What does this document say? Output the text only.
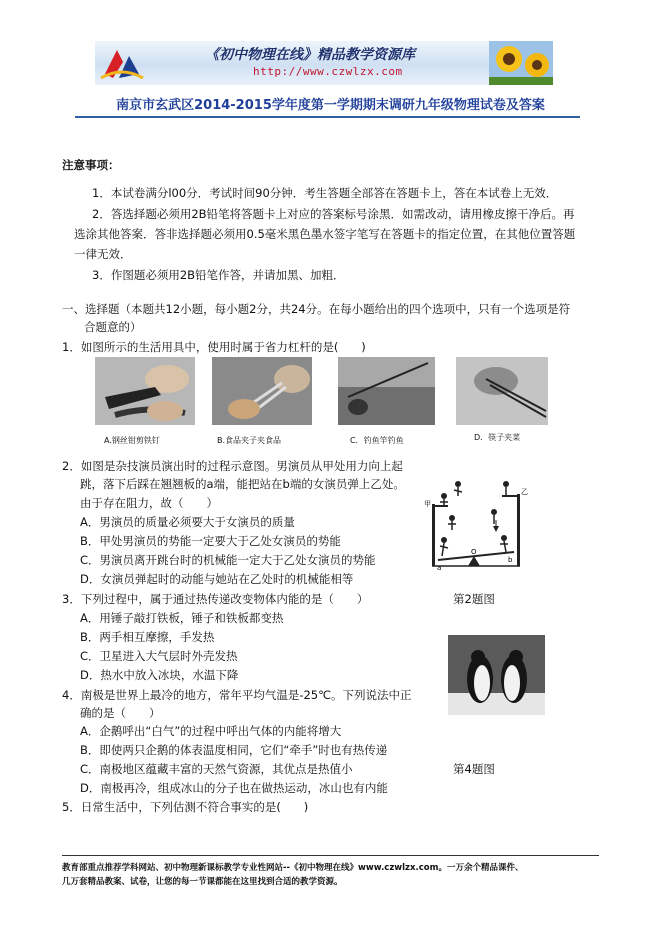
《初中物理在线》精品教学资源库
http://www.czwlzx.com
南京市玄武区2014-2015学年度第一学期期末调研九年级物理试卷及答案
注意事项：
1．本试卷满分l00分．考试时间90分钟．考生答题全部答在答题卡上，答在本试卷上无效．
2．答选择题必须用2B铅笔将答题卡上对应的答案标号涂黑．如需改动，请用橡皮擦干净后。再
选涂其他答案．答非选择题必须用0.5毫米黑色墨水签字笔写在答题卡的指定位置，在其他位置答题
一律无效．
3．作图题必须用2B铅笔作答，并请加黑、加粗．
一、选择题（本题共12小题，每小题2分，共24分。在每小题给出的四个选项中，只有一个选项是符
合题意的）
1．如图所示的生活用具中，使用时属于省力杠杆的是(　　)
A.钢丝钳剪铁钉	B.食品夹子夹食品	C．钓鱼竿钓鱼	D．筷子夹菜
2．如图是杂技演员演出时的过程示意图。男演员从甲处用力向上起
跳，落下后踩在翘翘板的a端，能把站在b端的女演员弹上乙处。
由于存在阻力，故（　　）
A．男演员的质量必须要大于女演员的质量
B．甲处男演员的势能一定要大于乙处女演员的势能
C．男演员离开跳台时的机械能一定大于乙处女演员的势能
D．女演员弹起时的动能与她站在乙处时的机械能相等
甲
乙
a
b
O
第2题图
3．下列过程中，属于通过热传递改变物体内能的是（　　）
A．用锤子敲打铁板，锤子和铁板都变热
B．两手相互摩擦，手发热
C．卫星进入大气层时外壳发热
D．热水中放入冰块，水温下降
4．南极是世界上最冷的地方，常年平均气温是-25℃。下列说法中正
确的是（　　）
A．企鹅呼出“白气”的过程中呼出气体的内能将增大
B．即使两只企鹅的体表温度相同，它们“牵手”时也有热传递
C．南极地区蕴藏丰富的天然气资源，其优点是热值小	第4题图
D．南极再冷，组成冰山的分子也在做热运动，冰山也有内能
5．日常生活中，下列估测不符合事实的是(　　)
教育部重点推荐学科网站、初中物理新课标教学专业性网站--《初中物理在线》www.czwlzx.com。一万余个精品课件、
几万套精品教案、试卷，让您的每一节课都能在这里找到合适的教学资源。
